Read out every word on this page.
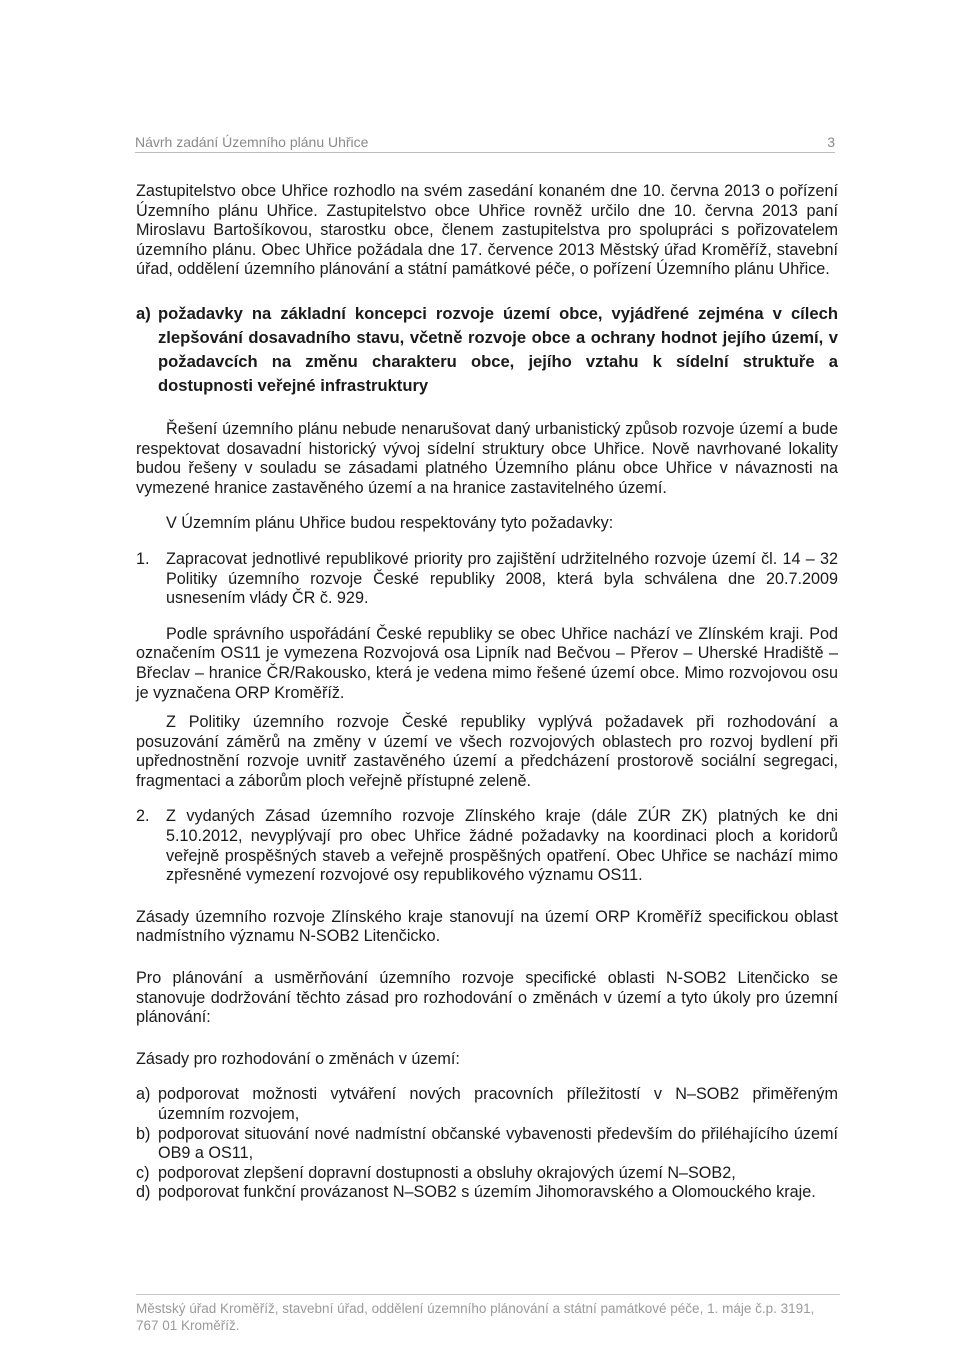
Návrh zadání Územního plánu Uhřice	3

Zastupitelstvo obce Uhřice rozhodlo na svém zasedání konaném dne 10. června 2013 o pořízení Územního plánu Uhřice. Zastupitelstvo obce Uhřice rovněž určilo dne 10. června 2013 paní Miroslavu Bartošíkovou, starostku obce, členem zastupitelstva pro spolupráci s pořizovatelem územního plánu. Obec Uhřice požádala dne 17. července 2013 Městský úřad Kroměříž, stavební úřad, oddělení územního plánování a státní památkové péče, o pořízení Územního plánu Uhřice.

a) požadavky na základní koncepci rozvoje území obce, vyjádřené zejména v cílech zlepšování dosavadního stavu, včetně rozvoje obce a ochrany hodnot jejího území, v požadavcích na změnu charakteru obce, jejího vztahu k sídelní struktuře a dostupnosti veřejné infrastruktury

Řešení územního plánu nebude nenarušovat daný urbanistický způsob rozvoje území a bude respektovat dosavadní historický vývoj sídelní struktury obce Uhřice. Nově navrhované lokality budou řešeny v souladu se zásadami platného Územního plánu obce Uhřice v návaznosti na vymezené hranice zastavěného území a na hranice zastavitelného území.

V Územním plánu Uhřice budou respektovány tyto požadavky:

1.	Zapracovat jednotlivé republikové priority pro zajištění udržitelného rozvoje území čl. 14 – 32 Politiky územního rozvoje České republiky 2008, která byla schválena dne 20.7.2009 usnesením vlády ČR č. 929.

Podle správního uspořádání České republiky se obec Uhřice nachází ve Zlínském kraji. Pod označením OS11 je vymezena Rozvojová osa Lipník nad Bečvou – Přerov – Uherské Hradiště – Břeclav – hranice ČR/Rakousko, která je vedena mimo řešené území obce. Mimo rozvojovou osu je vyznačena ORP Kroměříž.

Z Politiky územního rozvoje České republiky vyplývá požadavek při rozhodování a posuzování záměrů na změny v území ve všech rozvojových oblastech pro rozvoj bydlení při upřednostnění rozvoje uvnitř zastavěného území a předcházení prostorově sociální segregaci, fragmentaci a záborům ploch veřejně přístupné zeleně.

2.	Z vydaných Zásad územního rozvoje Zlínského kraje (dále ZÚR ZK) platných ke dni 5.10.2012, nevyplývají pro obec Uhřice žádné požadavky na koordinaci ploch a koridorů veřejně prospěšných staveb a veřejně prospěšných opatření. Obec Uhřice se nachází mimo zpřesněné vymezení rozvojové osy republikového významu OS11.

Zásady územního rozvoje Zlínského kraje stanovují na území ORP Kroměříž specifickou oblast nadmístního významu N-SOB2 Litenčicko.

Pro plánování a usměrňování územního rozvoje specifické oblasti N-SOB2 Litenčicko se stanovuje dodržování těchto zásad pro rozhodování o změnách v území a tyto úkoly pro územní plánování:

Zásady pro rozhodování o změnách v území:

a) podporovat možnosti vytváření nových pracovních příležitostí v N–SOB2 přiměřeným územním rozvojem,
b) podporovat situování nové nadmístní občanské vybavenosti především do přiléhajícího území OB9 a OS11,
c) podporovat zlepšení dopravní dostupnosti a obsluhy okrajových území N–SOB2,
d) podporovat funkční provázanost N–SOB2 s územím Jihomoravského a Olomouckého kraje.
Městský úřad Kroměříž, stavební úřad, oddělení územního plánování a státní památkové péče, 1. máje č.p. 3191,
767 01 Kroměříž.
